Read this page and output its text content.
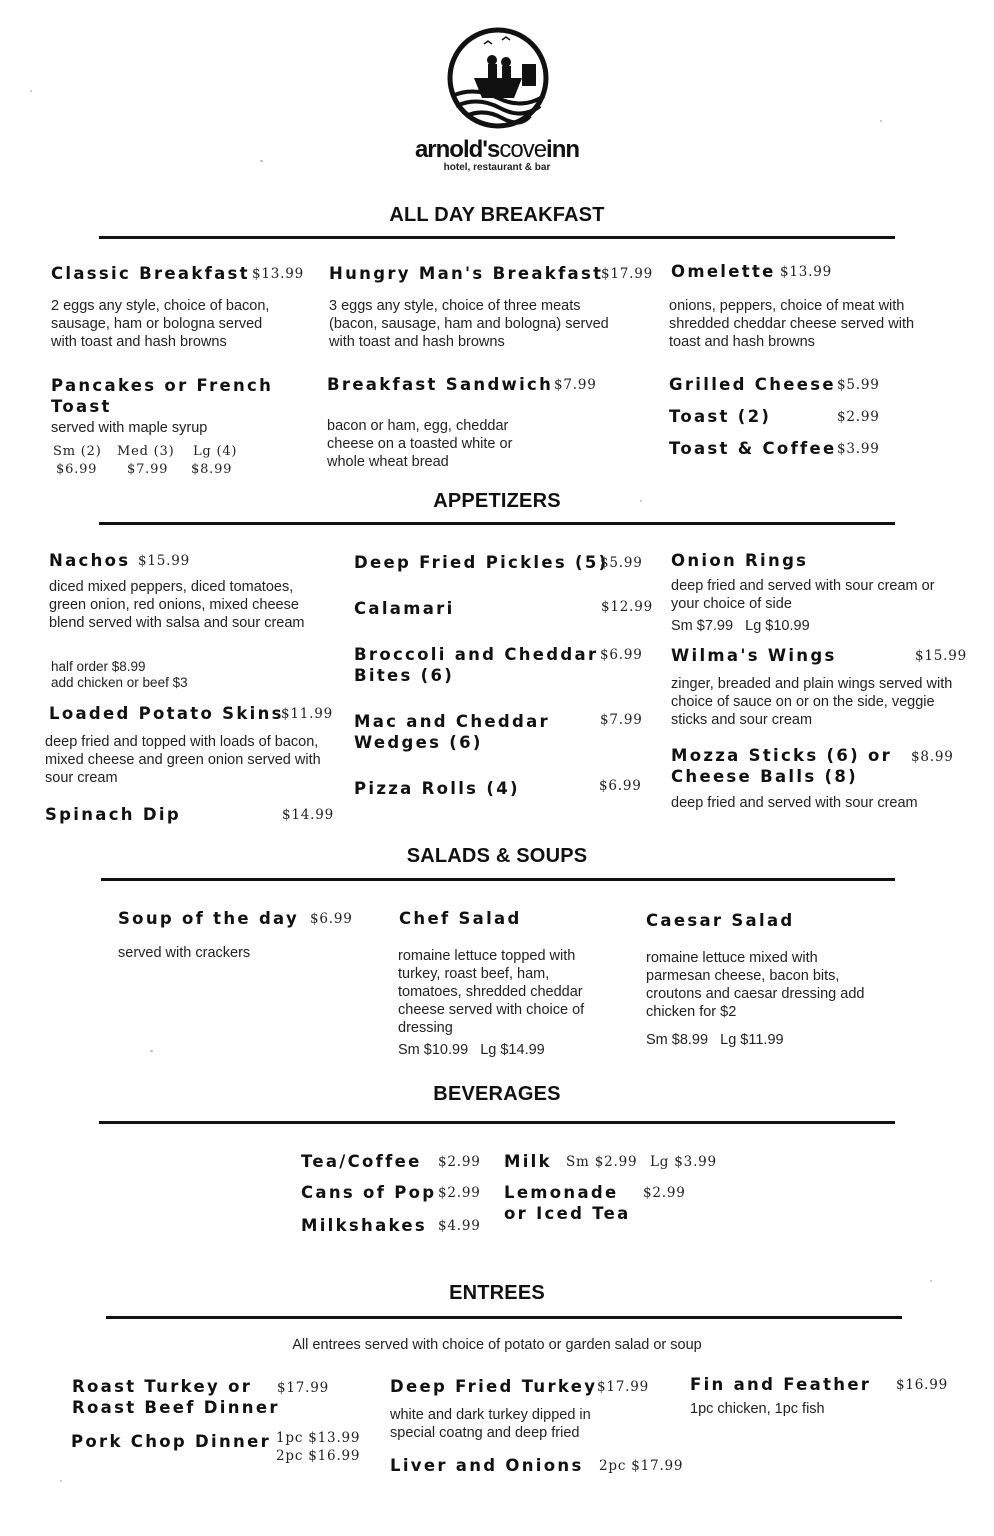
arnold'scoveinn
hotel, restaurant & bar
ALL DAY BREAKFAST
Classic Breakfast $13.99
2 eggs any style, choice of bacon, sausage, ham or bologna served with toast and hash browns
Hungry Man's Breakfast
$17.99
3 eggs any style, choice of three meats (bacon, sausage, ham and bologna) served with toast and hash browns
Omelette $13.99
onions, peppers, choice of meat with shredded cheddar cheese served with toast and hash browns
Pancakes or French Toast
served with maple syrup
Sm (2) Med (3) Lg (4)
$6.99 $7.99 $8.99
Breakfast Sandwich $7.99
bacon or ham, egg, cheddar cheese on a toasted white or whole wheat bread
Grilled Cheese $5.99
Toast (2)	$2.99
Toast & Coffee $3.99
APPETIZERS
Nachos $15.99
diced mixed peppers, diced tomatoes, green onion, red onions, mixed cheese blend served with salsa and sour cream
half order $8.99
add chicken or beef $3
Loaded Potato Skins
$11.99
deep fried and topped with loads of bacon, mixed cheese and green onion served with sour cream
Spinach Dip	$14.99
Deep Fried Pickles (5)
$5.99
Calamari	$12.99
Broccoli and Cheddar Bites (6)
$6.99
Mac and Cheddar Wedges (6)
$7.99
Pizza Rolls (4)	$6.99
Onion Rings
deep fried and served with sour cream or your choice of side
Sm $7.99   Lg $10.99
Wilma's Wings	$15.99
zinger, breaded and plain wings served with choice of sauce on or on the side, veggie sticks and sour cream
Mozza Sticks (6) or Cheese Balls (8)
$8.99
deep fried and served with sour cream
SALADS & SOUPS
Soup of the day $6.99
served with crackers
Chef Salad
romaine lettuce topped with turkey, roast beef, ham, tomatoes, shredded cheddar cheese served with choice of dressing
Sm $10.99   Lg $14.99
Caesar Salad
romaine lettuce mixed with parmesan cheese, bacon bits, croutons and caesar dressing add chicken for $2
Sm $8.99   Lg $11.99
BEVERAGES
Tea/Coffee $2.99
Cans of Pop $2.99
Milkshakes $4.99
Milk Sm $2.99 Lg $3.99
Lemonade or Iced Tea
$2.99
ENTREES
All entrees served with choice of potato or garden salad or soup
Roast Turkey or Roast Beef Dinner
$17.99
Pork Chop Dinner 1pc $13.99
2pc $16.99
Deep Fried Turkey $17.99
white and dark turkey dipped in special coatng and deep fried
Liver and Onions 2pc $17.99
Fin and Feather $16.99
1pc chicken, 1pc fish
